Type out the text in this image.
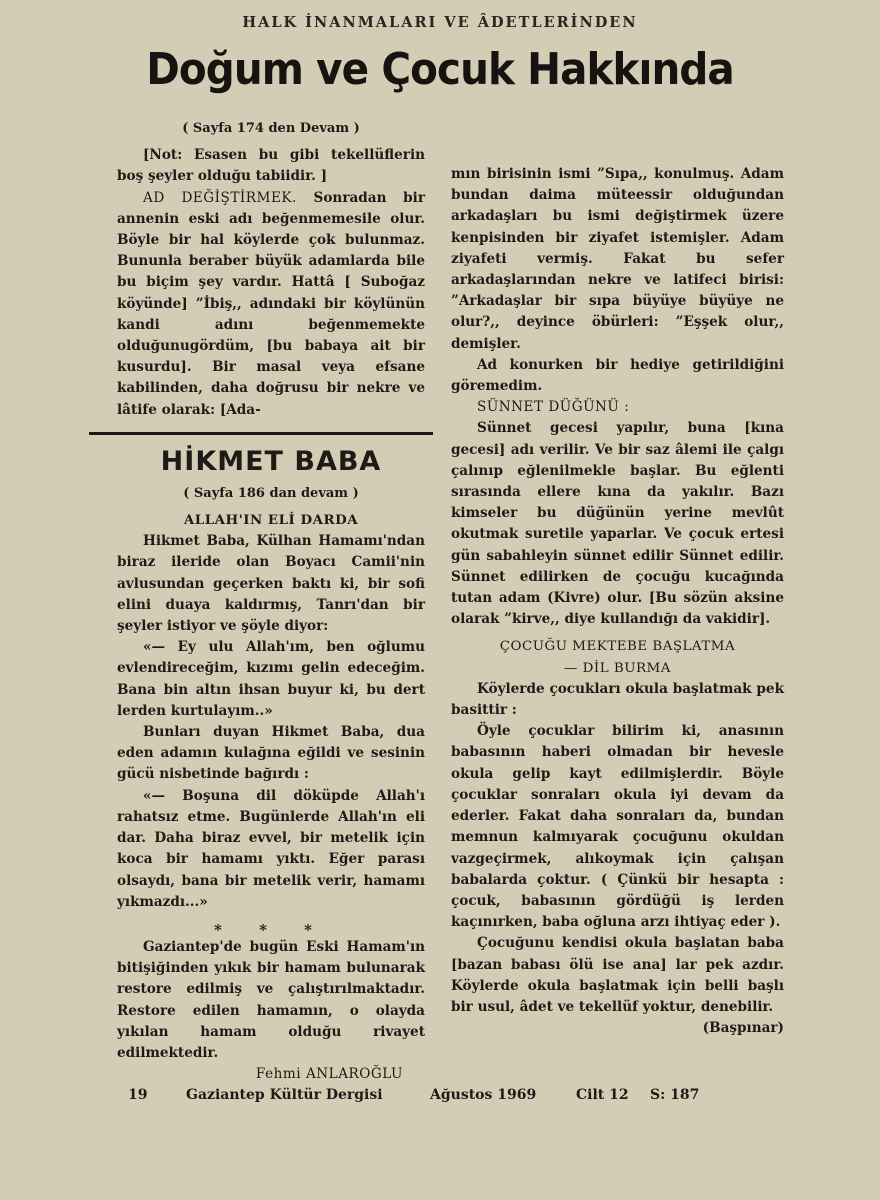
HALK İNANMALARI VE ÂDETLERİNDEN
Doğum ve Çocuk Hakkında

( Sayfa 174 den Devam )

[Not: Esasen bu gibi tekellüflerin boş şeyler olduğu tabiidir. ]

AD DEĞİŞTİRMEK. Sonradan bir annenin eski adı beğenmemesile olur. Böyle bir hal köylerde çok bulunmaz. Bununla beraber büyük adamlarda bile bu biçim şey vardır. Hattâ [ Suboğaz köyünde] ”İbiş,, adındaki bir köylünün kandi adını beğenmemekte olduğunugördüm, [bu babaya ait bir kusurdu]. Bir masal veya efsane kabilinden, daha doğrusu bir nekre ve lâtife olarak: [Ada-

HİKMET BABA

( Sayfa 186 dan devam )

ALLAH'IN ELİ DARDA

Hikmet Baba, Külhan Hamamı'ndan biraz ileride olan Boyacı Camii'nin avlusundan geçerken baktı ki, bir sofi elini duaya kaldırmış, Tanrı'dan bir şeyler istiyor ve şöyle diyor:

«— Ey ulu Allah'ım, ben oğlumu evlendireceğim, kızımı gelin edeceğim. Bana bin altın ihsan buyur ki, bu dert lerden kurtulayım..»

Bunları duyan Hikmet Baba, dua eden adamın kulağına eğildi ve sesinin gücü nisbetinde bağırdı :

«— Boşuna dil döküpde Allah'ı rahatsız etme. Bugünlerde Allah'ın eli dar. Daha biraz evvel, bir metelik için koca bir hamamı yıktı. Eğer parası olsaydı, bana bir metelik verir, hamamı yıkmazdı...»

* * *

Gaziantep'de bugün Eski Hamam'ın bitişiğinden yıkık bir hamam bulunarak restore edilmiş ve çalıştırılmaktadır. Restore edilen hamamın, o olayda yıkılan hamam olduğu rivayet edilmektedir.

Fehmi ANLAROĞLU

mın birisinin ismi ”Sıpa,, konulmuş. Adam bundan daima müteessir olduğundan arkadaşları bu ismi değiştirmek üzere kenpisinden bir ziyafet istemişler. Adam ziyafeti vermiş. Fakat bu sefer arkadaşlarından nekre ve latifeci birisi: ”Arkadaşlar bir sıpa büyüye büyüye ne olur?,, deyince öbürleri: ”Eşşek olur,, demişler.

Ad konurken bir hediye getirildiğini göremedim.

SÜNNET DÜĞÜNÜ :

Sünnet gecesi yapılır, buna [kına gecesi] adı verilir. Ve bir saz âlemi ile çalgı çalınıp eğlenilmekle başlar. Bu eğlenti sırasında ellere kına da yakılır. Bazı kimseler bu düğünün yerine mevlût okutmak suretile yaparlar. Ve çocuk ertesi gün sabahleyin sünnet edilir Sünnet edilir. Sünnet edilirken de çocuğu kucağında tutan adam (Kivre) olur. [Bu sözün aksine olarak ”kirve,, diye kullandığı da vakidir].

ÇOCUĞU MEKTEBE BAŞLATMA

— DİL BURMA

Köylerde çocukları okula başlatmak pek basittir :

Öyle çocuklar bilirim ki, anasının babasının haberi olmadan bir hevesle okula gelip kayt edilmişlerdir. Böyle çocuklar sonraları okula iyi devam da ederler. Fakat daha sonraları da, bundan memnun kalmıyarak çocuğunu okuldan vazgeçirmek, alıkoymak için çalışan babalarda çoktur. ( Çünkü bir hesapta : çocuk, babasının gördüğü iş lerden kaçınırken, baba oğluna arzı ihtiyaç eder ).

Çocuğunu kendisi okula başlatan baba [bazan babası ölü ise ana] lar pek azdır. Köylerde okula başlatmak için belli başlı bir usul, âdet ve tekellüf yoktur, denebilir.

(Başpınar)

19	Gaziantep Kültür Dergisi	Ağustos 1969	Cilt 12 S: 187
